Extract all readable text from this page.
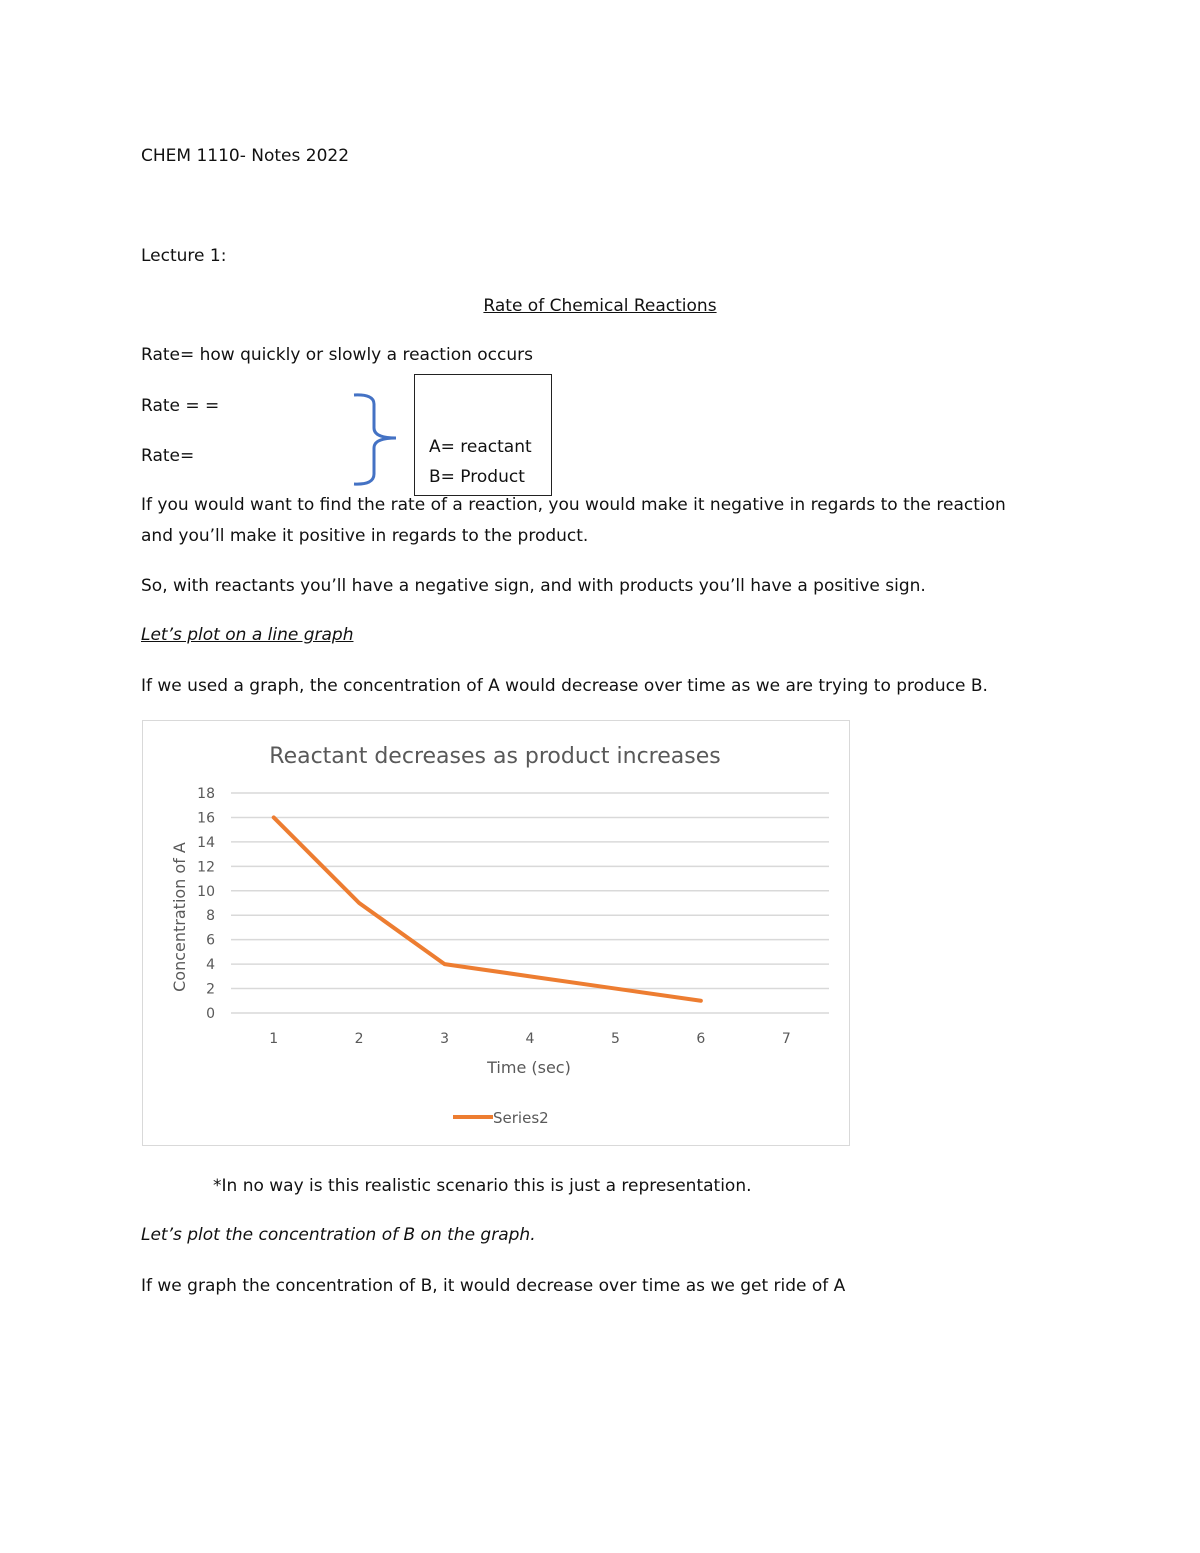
CHEM 1110- Notes 2022
Lecture 1:
Rate of Chemical Reactions
Rate= how quickly or slowly a reaction occurs
Rate = =
Rate=	A= reactant
B= Product
If you would want to find the rate of a reaction, you would make it negative in regards to the reaction
and you’ll make it positive in regards to the product.
So, with reactants you’ll have a negative sign, and with products you’ll have a positive sign.
Let’s plot on a line graph
If we used a graph, the concentration of A would decrease over time as we are trying to produce B.
Reactant decreases as product increases
0
2
4
6
8
10
12
14
16
18
1	2	3	4	5	6	7
Time (sec)
Concentration of A
Series2
*In no way is this realistic scenario this is just a representation.
Let’s plot the concentration of B on the graph.
If we graph the concentration of B, it would decrease over time as we get ride of A
